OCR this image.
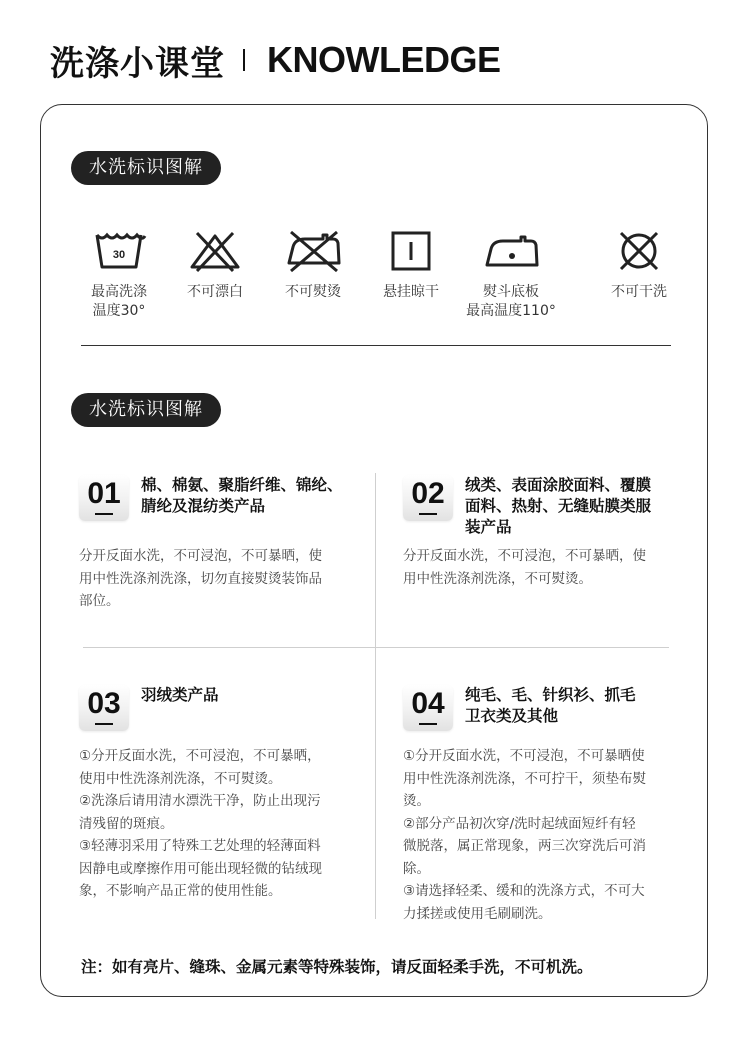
洗涤小课堂 KNOWLEDGE
水洗标识图解
30
最高洗涤
温度30°
不可漂白	不可熨烫	悬挂晾干	熨斗底板
最高温度110°
不可干洗
水洗标识图解
01	棉、棉氨、聚脂纤维、锦纶、
腈纶及混纺类产品
分开反面水洗，不可浸泡，不可暴晒，使
用中性洗涤剂洗涤，切勿直接熨烫装饰品
部位。
02	绒类、表面涂胶面料、覆膜
面料、热射、无缝贴膜类服
装产品
分开反面水洗，不可浸泡，不可暴晒，使
用中性洗涤剂洗涤，不可熨烫。
03	羽绒类产品
①分开反面水洗，不可浸泡，不可暴晒，
使用中性洗涤剂洗涤，不可熨烫。
②洗涤后请用清水漂洗干净，防止出现污
清残留的斑痕。
③轻薄羽采用了特殊工艺处理的轻薄面料
因静电或摩擦作用可能出现轻微的钻绒现
象，不影响产品正常的使用性能。
04	纯毛、毛、针织衫、抓毛
卫衣类及其他
①分开反面水洗，不可浸泡，不可暴晒使
用中性洗涤剂洗涤，不可拧干，须垫布熨
烫。
②部分产品初次穿/洗时起绒面短纤有轻
微脱落，属正常现象，两三次穿洗后可消
除。
③请选择轻柔、缓和的洗涤方式，不可大
力揉搓或使用毛刷刷洗。
注：如有亮片、缝珠、金属元素等特殊装饰，请反面轻柔手洗，不可机洗。
